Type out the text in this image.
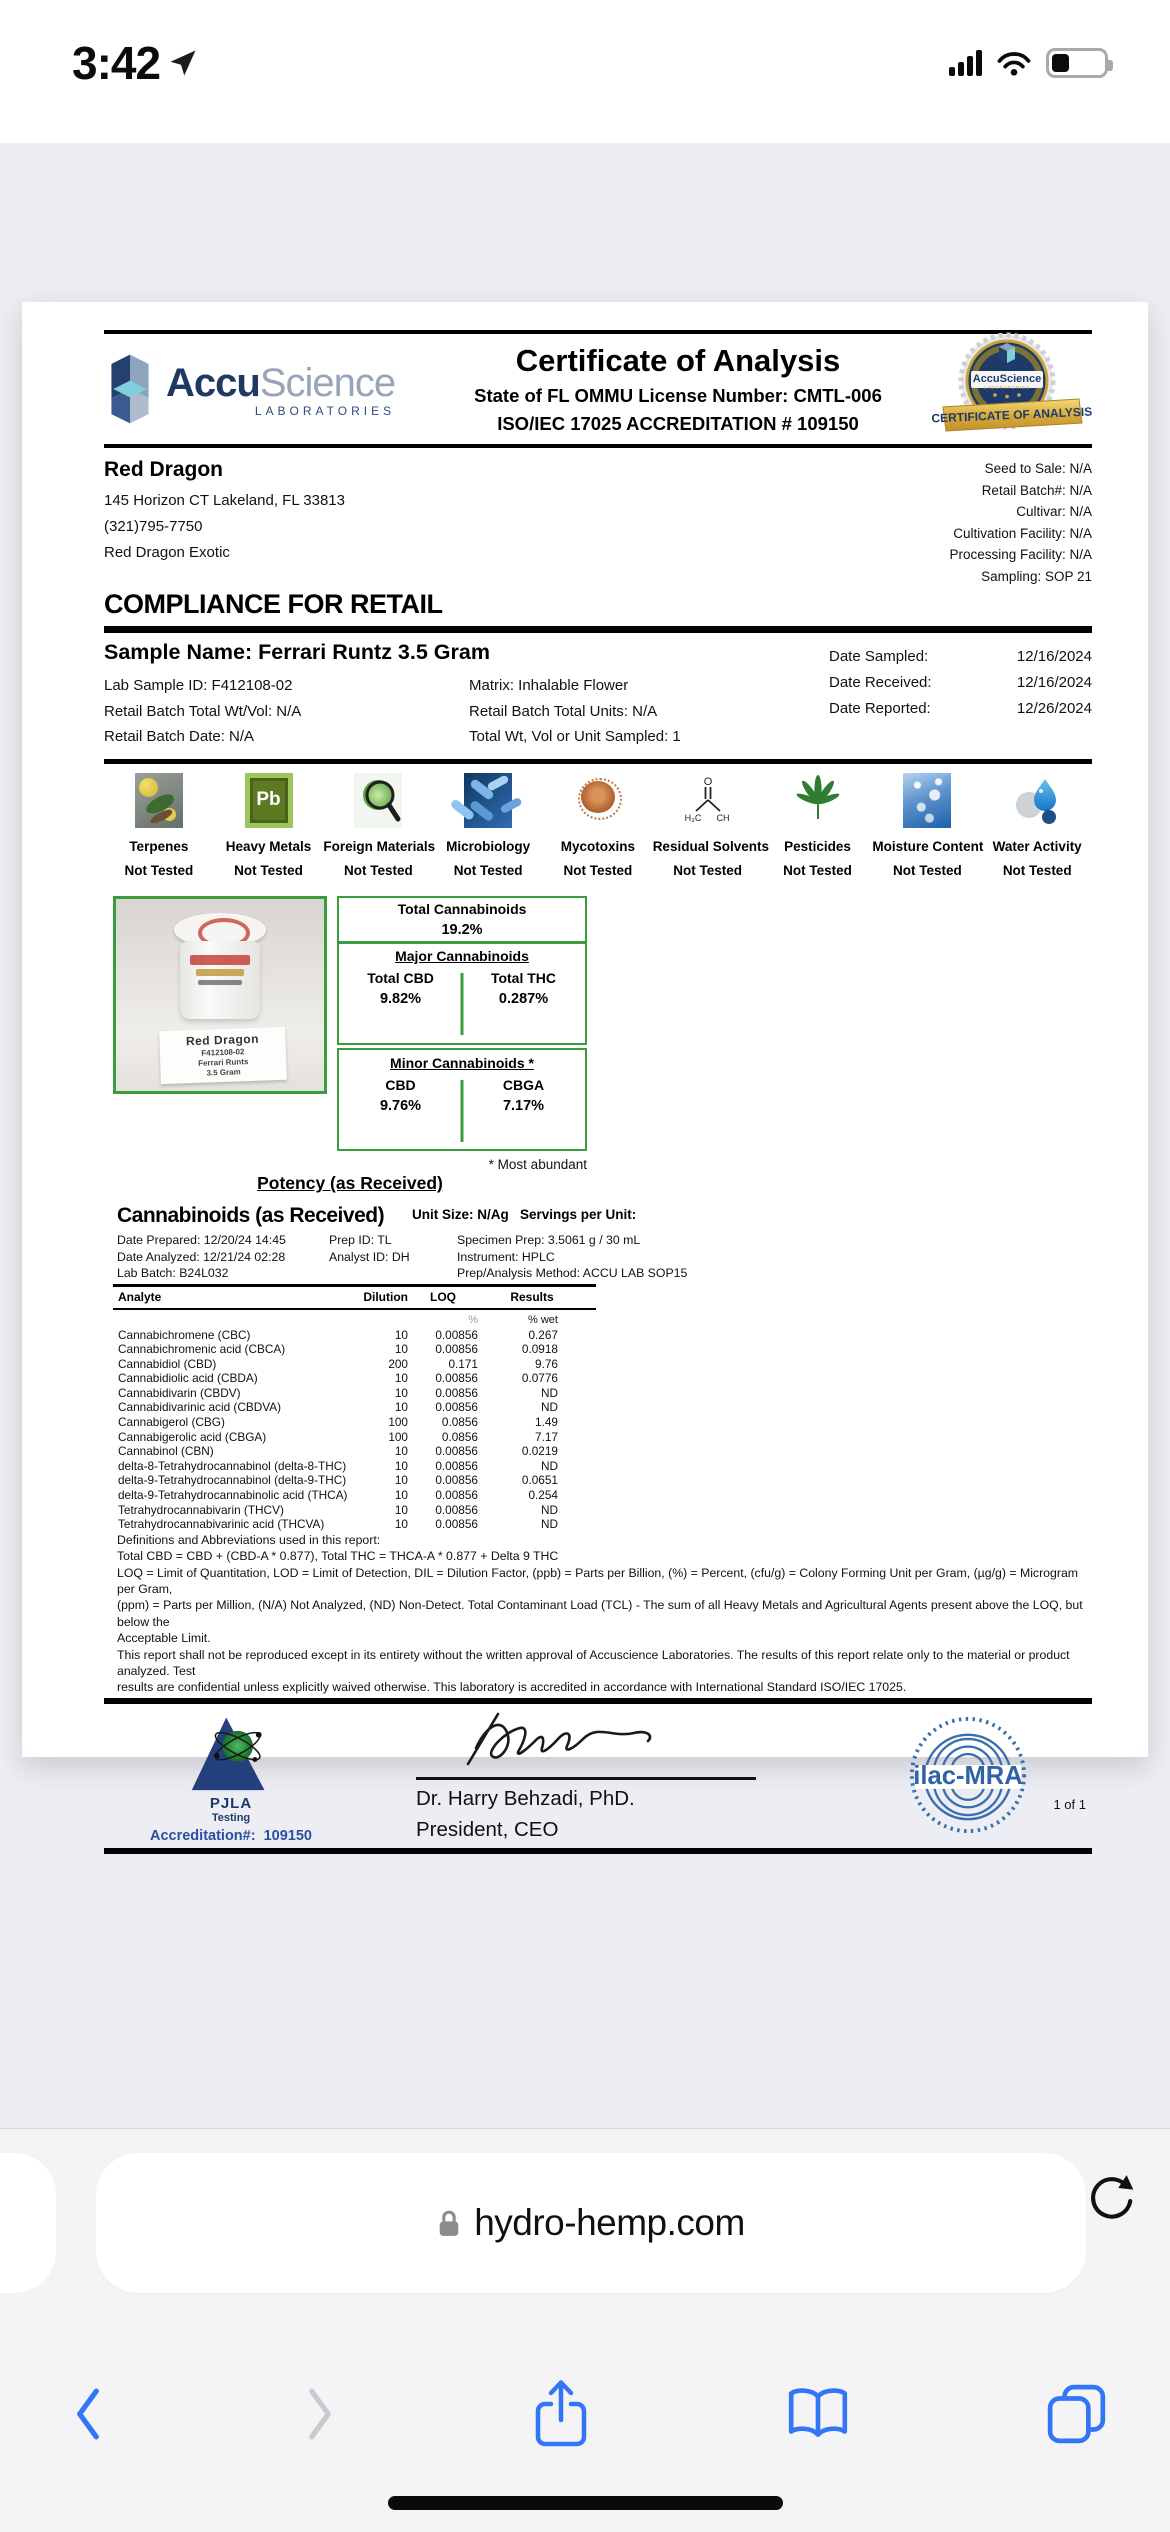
3:42
AccuScience
LABORATORIES
Certificate of Analysis
State of FL OMMU License Number: CMTL-006
ISO/IEC 17025 ACCREDITATION # 109150
AccuScience
LABORATORIES
CERTIFICATE OF ANALYSIS
Red Dragon
145 Horizon CT Lakeland, FL 33813
(321)795-7750
Red Dragon Exotic
Seed to Sale: N/A
Retail Batch#: N/A
Cultivar: N/A
Cultivation Facility: N/A
Processing Facility: N/A
Sampling: SOP 21
COMPLIANCE FOR RETAIL
Sample Name: Ferrari Runtz 3.5 Gram
Lab Sample ID: F412108-02	Matrix: Inhalable Flower
Retail Batch Total Wt/Vol: N/A	Retail Batch Total Units: N/A
Retail Batch Date: N/A	Total Wt, Vol or Unit Sampled: 1
Date Sampled:	12/16/2024
Date Received:	12/16/2024
Date Reported:	12/26/2024
Terpenes
Not Tested
Pb
Heavy Metals
Not Tested
Foreign Materials
Not Tested
Microbiology
Not Tested
Mycotoxins
Not Tested
O
H₃C CH
Residual Solvents
Not Tested
Pesticides
Not Tested
Moisture Content
Not Tested
Water Activity
Not Tested
Red Dragon
F412108-02
Ferrari Runts
3.5 Gram
Total Cannabinoids
19.2%
Major Cannabinoids
Total CBD
9.82%
Total THC
0.287%
Minor Cannabinoids *
CBD
9.76%
CBGA
7.17%
* Most abundant
Potency (as Received)
Cannabinoids (as Received)	Unit Size: N/Ag   Servings per Unit:
Date Prepared: 12/20/24 14:45
Date Analyzed: 12/21/24 02:28
Lab Batch: B24L032
Prep ID: TL
Analyst ID: DH
Specimen Prep: 3.5061 g / 30 mL
Instrument: HPLC
Prep/Analysis Method: ACCU LAB SOP15
Analyte	Dilution	LOQ	Results
%	% wet
Cannabichromene (CBC)	10	0.00856	0.267
Cannabichromenic acid (CBCA)	10	0.00856	0.0918
Cannabidiol (CBD)	200	0.171	9.76
Cannabidiolic acid (CBDA)	10	0.00856	0.0776
Cannabidivarin (CBDV)	10	0.00856	ND
Cannabidivarinic acid (CBDVA)	10	0.00856	ND
Cannabigerol (CBG)	100	0.0856	1.49
Cannabigerolic acid (CBGA)	100	0.0856	7.17
Cannabinol (CBN)	10	0.00856	0.0219
delta-8-Tetrahydrocannabinol (delta-8-THC)	10	0.00856	ND
delta-9-Tetrahydrocannabinol (delta-9-THC)	10	0.00856	0.0651
delta-9-Tetrahydrocannabinolic acid (THCA)	10	0.00856	0.254
Tetrahydrocannabivarin (THCV)	10	0.00856	ND
Tetrahydrocannabivarinic acid (THCVA)	10	0.00856	ND
Definitions and Abbreviations used in this report:
Total CBD = CBD + (CBD-A * 0.877), Total THC = THCA-A * 0.877 + Delta 9 THC
LOQ = Limit of Quantitation, LOD = Limit of Detection, DIL = Dilution Factor, (ppb) = Parts per Billion, (%) = Percent, (cfu/g) = Colony Forming Unit per Gram, (µg/g) = Microgram per Gram,
(ppm) = Parts per Million, (N/A) Not Analyzed, (ND) Non-Detect. Total Contaminant Load (TCL) - The sum of all Heavy Metals and Agricultural Agents present above the LOQ, but below the
Acceptable Limit.
This report shall not be reproduced except in its entirety without the written approval of Accuscience Laboratories. The results of this report relate only to the material or product analyzed. Test
results are confidential unless explicitly waived otherwise. This laboratory is accredited in accordance with International Standard ISO/IEC 17025.
PJLA
Testing
Accreditation#:  109150
Dr. Harry Behzadi, PhD.
President, CEO
ilac-MRA
1 of 1
hydro-hemp.com
